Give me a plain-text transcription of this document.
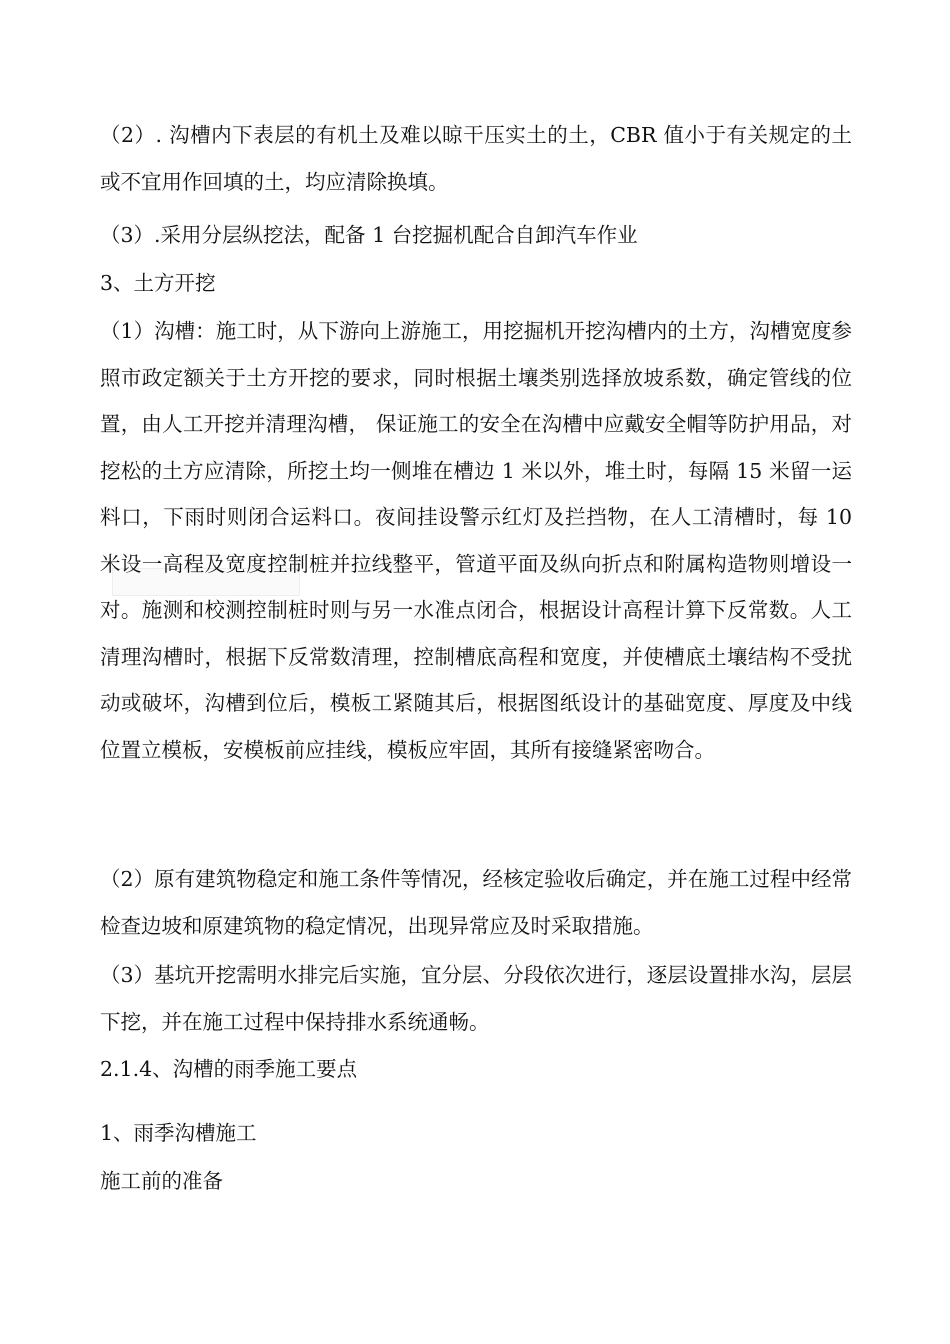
（2）. 沟槽内下表层的有机土及难以晾干压实土的土，CBR 值小于有关规定的土或不宜用作回填的土，均应清除换填。

（3）.采用分层纵挖法，配备 1 台挖掘机配合自卸汽车作业

3、土方开挖

（1）沟槽：施工时，从下游向上游施工，用挖掘机开挖沟槽内的土方，沟槽宽度参照市政定额关于土方开挖的要求，同时根据土壤类别选择放坡系数，确定管线的位置，由人工开挖并清理沟槽， 保证施工的安全在沟槽中应戴安全帽等防护用品，对挖松的土方应清除，所挖土均一侧堆在槽边 1 米以外，堆土时，每隔 15 米留一运料口，下雨时则闭合运料口。夜间挂设警示红灯及拦挡物，在人工清槽时，每 10 米设一高程及宽度控制桩并拉线整平，管道平面及纵向折点和附属构造物则增设一对。施测和校测控制桩时则与另一水准点闭合，根据设计高程计算下反常数。人工清理沟槽时，根据下反常数清理，控制槽底高程和宽度，并使槽底土壤结构不受扰动或破坏，沟槽到位后，模板工紧随其后，根据图纸设计的基础宽度、厚度及中线位置立模板，安模板前应挂线，模板应牢固，其所有接缝紧密吻合。

（2）原有建筑物稳定和施工条件等情况，经核定验收后确定，并在施工过程中经常检查边坡和原建筑物的稳定情况，出现异常应及时采取措施。

（3）基坑开挖需明水排完后实施，宜分层、分段依次进行，逐层设置排水沟，层层下挖，并在施工过程中保持排水系统通畅。

2.1.4、沟槽的雨季施工要点

1、雨季沟槽施工

施工前的准备
